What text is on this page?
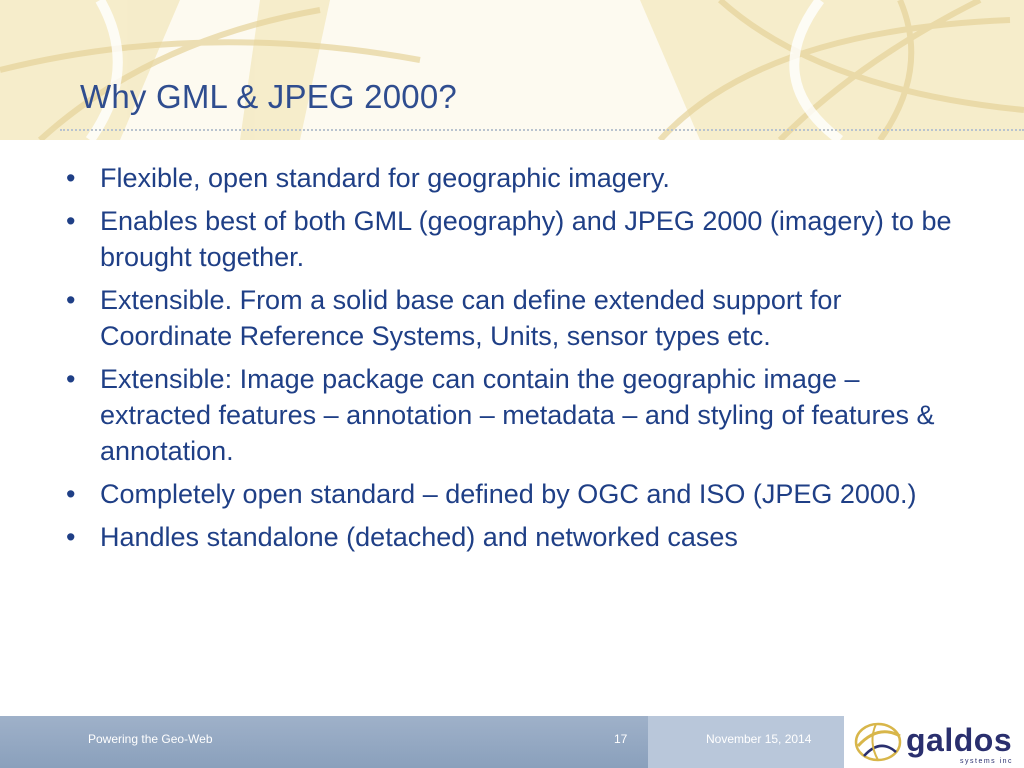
Why GML & JPEG 2000?
• Flexible, open standard for geographic imagery.
• Enables best of both GML (geography) and JPEG 2000 (imagery) to be brought together.
• Extensible. From a solid base can define extended support for Coordinate Reference Systems, Units, sensor types etc.
• Extensible: Image package can contain the geographic image – extracted features – annotation – metadata – and styling of features & annotation.
• Completely open standard – defined by OGC and ISO (JPEG 2000.)
• Handles standalone (detached) and networked cases
Powering the Geo-Web	17	November 15, 2014	galdos
systems inc
